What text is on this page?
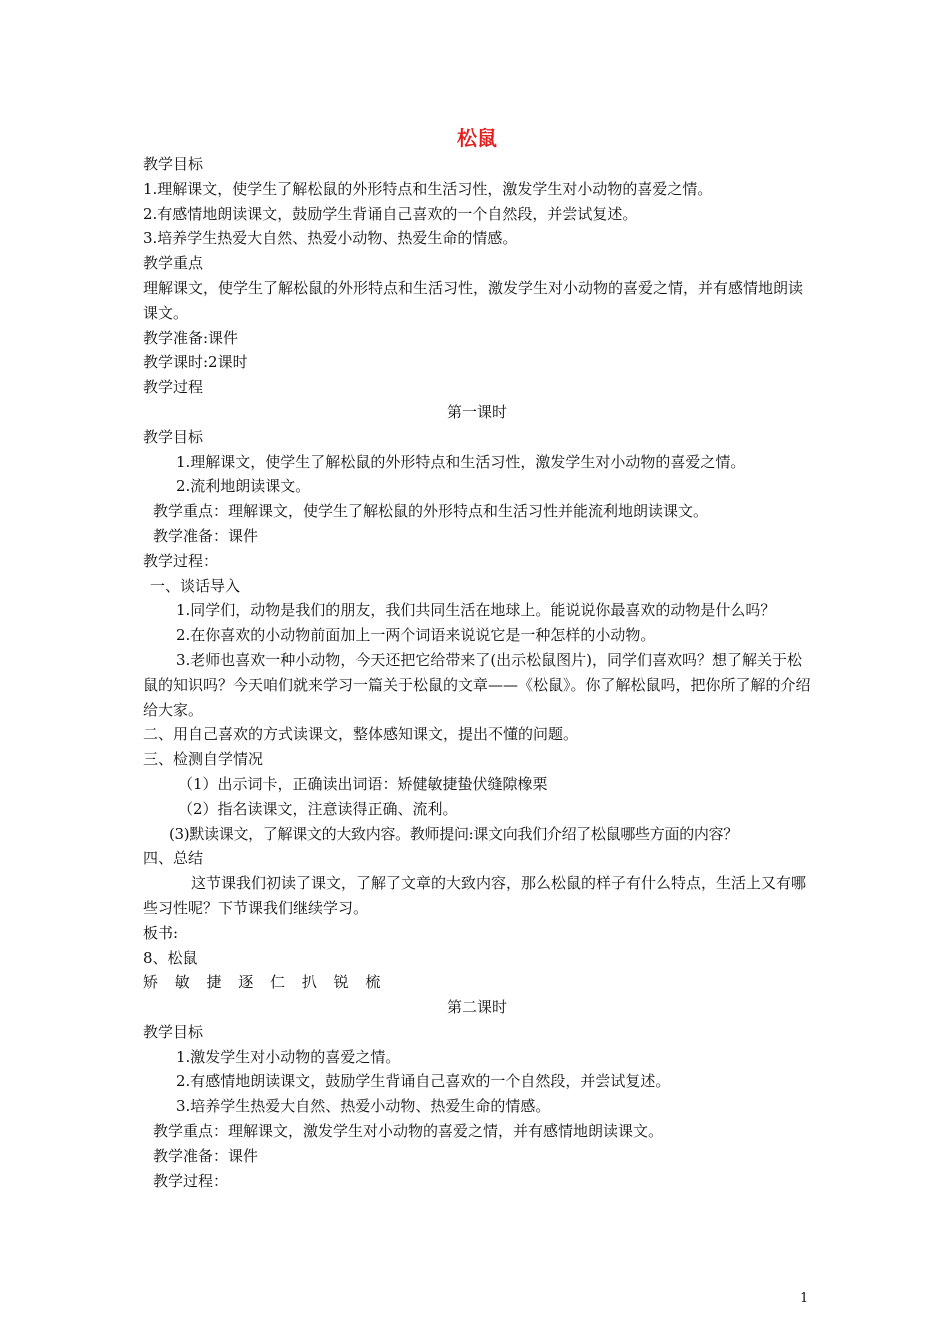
松鼠

教学目标

1.理解课文，使学生了解松鼠的外形特点和生活习性，激发学生对小动物的喜爱之情。

2.有感情地朗读课文，鼓励学生背诵自己喜欢的一个自然段，并尝试复述。

3.培养学生热爱大自然、热爱小动物、热爱生命的情感。

教学重点

理解课文，使学生了解松鼠的外形特点和生活习性，激发学生对小动物的喜爱之情，并有感情地朗读课文。

教学准备:课件

教学课时:2课时

教学过程

第一课时

教学目标

1.理解课文，使学生了解松鼠的外形特点和生活习性，激发学生对小动物的喜爱之情。

2.流利地朗读课文。

教学重点：理解课文，使学生了解松鼠的外形特点和生活习性并能流利地朗读课文。

教学准备：课件

教学过程：

一、谈话导入

1.同学们，动物是我们的朋友，我们共同生活在地球上。能说说你最喜欢的动物是什么吗？

2.在你喜欢的小动物前面加上一两个词语来说说它是一种怎样的小动物。

3.老师也喜欢一种小动物，今天还把它给带来了(出示松鼠图片)，同学们喜欢吗？想了解关于松鼠的知识吗？今天咱们就来学习一篇关于松鼠的文章——《松鼠》。你了解松鼠吗，把你所了解的介绍给大家。

二、用自己喜欢的方式读课文，整体感知课文，提出不懂的问题。

三、检测自学情况

（1）出示词卡，正确读出词语：矫健敏捷蛰伏缝隙橡栗

（2）指名读课文，注意读得正确、流利。

(3)默读课文，了解课文的大致内容。教师提问:课文向我们介绍了松鼠哪些方面的内容？

四、总结

这节课我们初读了课文，了解了文章的大致内容，那么松鼠的样子有什么特点，生活上又有哪些习性呢？下节课我们继续学习。

板书:

8、松鼠

矫 敏 捷 逐 仁 扒 锐 梳

第二课时

教学目标

1.激发学生对小动物的喜爱之情。

2.有感情地朗读课文，鼓励学生背诵自己喜欢的一个自然段，并尝试复述。

3.培养学生热爱大自然、热爱小动物、热爱生命的情感。

教学重点：理解课文，激发学生对小动物的喜爱之情，并有感情地朗读课文。

教学准备：课件

教学过程：

1
